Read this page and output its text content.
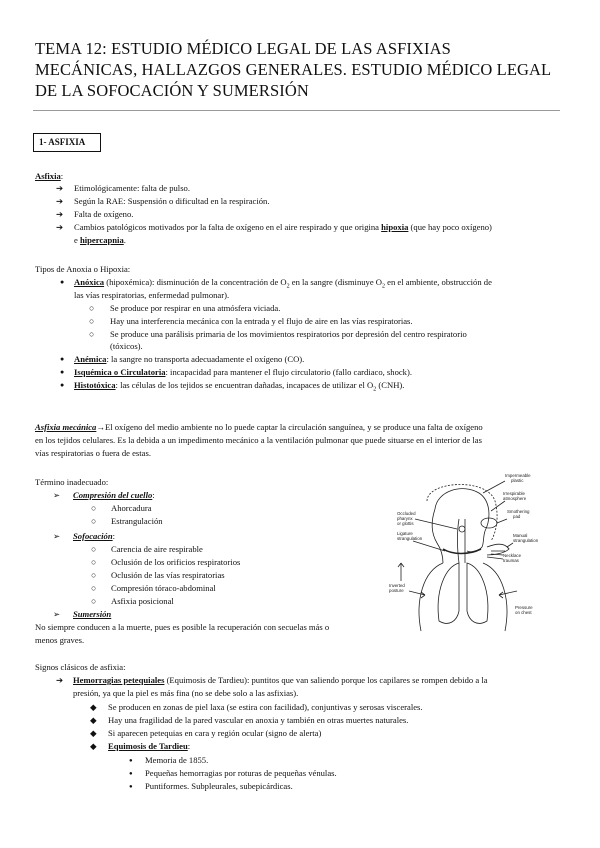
TEMA 12: ESTUDIO MÉDICO LEGAL DE LAS ASFIXIAS MECÁNICAS, HALLAZGOS GENERALES. ESTUDIO MÉDICO LEGAL DE LA SOFOCACIÓN Y SUMERSIÓN
1- ASFIXIA
Asfixia:
➔ Etimológicamente: falta de pulso.
➔ Según la RAE: Suspensión o dificultad en la respiración.
➔ Falta de oxígeno.
➔ Cambios patológicos motivados por la falta de oxígeno en el aire respirado y que origina hipoxia (que hay poco oxígeno)
e hipercapnia.
Tipos de Anoxia o Hipoxia:
● Anóxica (hipoxémica): disminución de la concentración de $O_2$ en la sangre (disminuye $O_2$ en el ambiente, obstrucción de
las vías respiratorias, enfermedad pulmonar).
○ Se produce por respirar en una atmósfera viciada.
○ Hay una interferencia mecánica con la entrada y el flujo de aire en las vías respiratorias.
○ Se produce una parálisis primaria de los movimientos respiratorios por depresión del centro respiratorio
(tóxicos).
● Anémica: la sangre no transporta adecuadamente el oxígeno (CO).
● Isquémica o Circulatoria: incapacidad para mantener el flujo circulatorio (fallo cardiaco, shock).
● Histotóxica: las células de los tejidos se encuentran dañadas, incapaces de utilizar el $O_2$ (CNH).
Asfixia mecánica→El oxígeno del medio ambiente no lo puede captar la circulación sanguínea, y se produce una falta de oxígeno
en los tejidos celulares. Es la debida a un impedimento mecánico a la ventilación pulmonar que puede situarse en el interior de las
vías respiratorias o fuera de estas.
Término inadecuado:
➢ Compresión del cuello:
○ Ahorcadura
○ Estrangulación
➢ Sofocación:
○ Carencia de aire respirable
○ Oclusión de los orificios respiratorios
○ Oclusión de las vías respiratorias
○ Compresión tóraco-abdominal
○ Asfixia posicional
➢ Sumersión
No siempre conducen a la muerte, pues es posible la recuperación con secuelas más o
menos graves.
Impermeable
plastic
Irrespirable
atmosphere
Smothering
pad
Manual
strangulation
Occluded
pharynx
or glottis
Ligature
strangulation
Inverted
posture
Necklace
traumas
Pressure
on chest
Signos clásicos de asfixia:
➔ Hemorragias petequiales (Equimosis de Tardieu): puntitos que van saliendo porque los capilares se rompen debido a la
presión, ya que la piel es más fina (no se debe solo a las asfixias).
◆ Se producen en zonas de piel laxa (se estira con facilidad), conjuntivas y serosas viscerales.
◆ Hay una fragilidad de la pared vascular en anoxia y también en otras muertes naturales.
◆ Si aparecen petequias en cara y región ocular (signo de alerta)
◆ Equimosis de Tardieu:
● Memoria de 1855.
● Pequeñas hemorragias por roturas de pequeñas vénulas.
● Puntiformes. Subpleurales, subepicárdicas.
